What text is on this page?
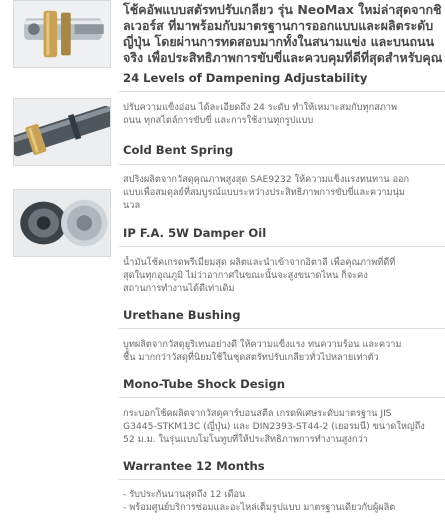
โช้คอัพแบบสตัรทปรับเกลียว รุ่น NeoMax ใหม่ล่าสุดจากชิ
ลเวอร์ส ที่มาพร้อมกับมาตรฐานการออกแบบและผลิตระดับ
ญี่ปุ่น โดยผ่านการทดสอบมากทั้งในสนามแข่ง และบนถนน
จริง เพื่อประสิทธิภาพการขับขี่และควบคุมที่ดีที่สุดสำหรับคุณ
24 Levels of Dampening Adjustability
ปรับความแข็งอ่อน ได้ละเอียดถึง 24 ระดับ ทำให้เหมาะสมกับทุกสภาพ
ถนน ทุกสไตล์การขับขี่ และการใช้งานทุกรูปแบบ
Cold Bent Spring
สปริงผลิตจากวัสดุคุณภาพสูงสุด SAE9232 ให้ความแข็งแรงทนทาน ออก
แบบเพื่อสมดุลย์ที่สมบูรณ์แบบระหว่างประสิทธิภาพการขับขี่และความนุ่ม
นวล
IP F.A. 5W Damper Oil
น้ำมันโช้คเกรดพรีเมี่ยมสุด ผลิตและนำเข้าจากอิตาลี เพื่อคุณภาพที่ดีที่
สุดในทุกอุณภูมิ ไม่ว่าอากาศในขณะนั้นจะสูงขนาดไหน ก็จะคง
สถานการทำงานได้ดีเท่าเดิม
Urethane Bushing
บูทผลิตจากวัสดุยูริเทนอย่างดี ให้ความแข็งแรง ทนความร้อน และความ
ชื้น มากกว่าวัสดุที่นิยมใช้ในชุดสตรัทปรับเกลียวทั่วไปหลายเท่าตัว
Mono-Tube Shock Design
กระบอกโช้คผลิตจากวัสดุคาร์บอนสตีล เกรดพิเศษระดับมาตรฐาน JIS
G3445-STKM13C (ญี่ปุ่น) และ DIN2393-ST44-2 (เยอรมนี) ขนาดใหญ่ถึง
52 ม.ม. ในรุ่นแบบโมโนทูบที่ให้ประสิทธิภาพการทำงานสูงกว่า
Warrantee 12 Months
- รับประกันนานสุดถึง 12 เดือน
- พร้อมศูนย์บริการซ่อมและอะไหล่เต็มรูปแบบ มาตรฐานเดียวกับผู้ผลิต
